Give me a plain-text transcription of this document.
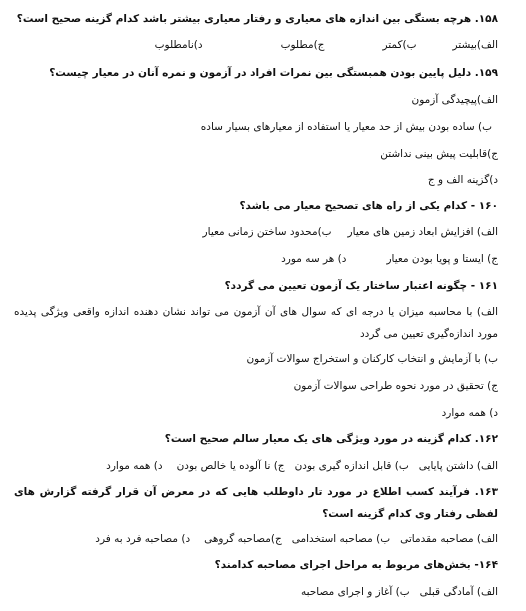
۱۵۸. هرچه بستگی بین اندازه های معیاری و رفتار معیاری بیشتر باشد کدام گزینه صحیح است؟
الف)بیشترب)کمترج)مطلوبد)نامطلوب
۱۵۹. دلیل پایین بودن همبستگی بین نمرات افراد در آزمون و نمره آنان در معیار چیست؟
الف)پیچیدگی آزمون
ب) ساده بودن بیش از حد معیار یا استفاده از معیارهای بسیار ساده
ج)قابلیت پیش بینی نداشتن
د)گزینه الف و ج
۱۶۰ - کدام یکی از راه های تصحیح معیار می باشد؟
الف) افزایش ابعاد زمین های معیارب)محدود ساختن زمانی معیار
ج) ایستا و پویا بودن معیارد) هر سه مورد
۱۶۱ - چگونه اعتبار ساختار یک آزمون تعیین می گردد؟
الف) با محاسبه میزان یا درجه ای که سوال های آن آزمون می تواند نشان دهنده اندازه واقعی ویژگی پدیده مورد اندازه‌گیری تعیین می گردد
ب) با آزمایش و انتخاب کارکنان و استخراج سوالات آزمون
ج) تحقیق در مورد نحوه طراحی سوالات آزمون
د) همه موارد
۱۶۲. کدام گزینه در مورد ویژگی های یک معیار سالم صحیح است؟
الف) داشتن پایاییب) قابل اندازه گیری بودنج) نا آلوده یا خالص بودند) همه موارد
۱۶۳. فرآیند کسب اطلاع در مورد تار داوطلب هایی که در معرض آن قرار گرفته گزارش های لفظی رفتار وی کدام گزینه است؟
الف) مصاحبه مقدماتیب) مصاحبه استخدامیج)مصاحبه گروهید) مصاحبه فرد به فرد
۱۶۴- بخش‌های مربوط به مراحل اجرای مصاحبه کدامند؟
الف) آمادگی قبلیب) آغاز و اجرای مصاحبه
